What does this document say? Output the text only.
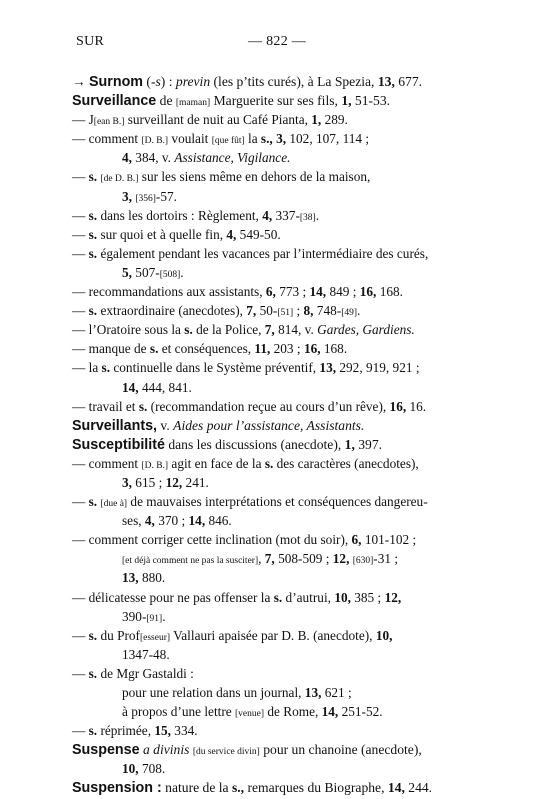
SUR	— 822 —
→ Surnom (-s) : previn (les p’tits curés), à La Spezia, 13, 677.
Surveillance de [maman] Marguerite sur ses fils, 1, 51-53.
— J[ean B.] surveillant de nuit au Café Pianta, 1, 289.
— comment [D. B.] voulait [que fût] la s., 3, 102, 107, 114 ;
4, 384, v. Assistance, Vigilance.
— s. [de D. B.] sur les siens même en dehors de la maison,
3, [356]-57.
— s. dans les dortoirs : Règlement, 4, 337-[38].
— s. sur quoi et à quelle fin, 4, 549-50.
— s. également pendant les vacances par l’intermédiaire des curés,
5, 507-[508].
— recommandations aux assistants, 6, 773 ; 14, 849 ; 16, 168.
— s. extraordinaire (anecdotes), 7, 50-[51] ; 8, 748-[49].
— l’Oratoire sous la s. de la Police, 7, 814, v. Gardes, Gardiens.
— manque de s. et conséquences, 11, 203 ; 16, 168.
— la s. continuelle dans le Système préventif, 13, 292, 919, 921 ;
14, 444, 841.
— travail et s. (recommandation reçue au cours d’un rêve), 16, 16.
Surveillants, v. Aides pour l’assistance, Assistants.
Susceptibilité dans les discussions (anecdote), 1, 397.
— comment [D. B.] agit en face de la s. des caractères (anecdotes),
3, 615 ; 12, 241.
— s. [due à] de mauvaises interprétations et conséquences dangereu-
ses, 4, 370 ; 14, 846.
— comment corriger cette inclination (mot du soir), 6, 101-102 ;
[et déjà comment ne pas la susciter], 7, 508-509 ; 12, [630]-31 ;
13, 880.
— délicatesse pour ne pas offenser la s. d’autrui, 10, 385 ; 12,
390-[91].
— s. du Prof[esseur] Vallauri apaisée par D. B. (anecdote), 10,
1347-48.
— s. de Mgr Gastaldi :
pour une relation dans un journal, 13, 621 ;
à propos d’une lettre [venue] de Rome, 14, 251-52.
— s. réprimée, 15, 334.
Suspense a divinis [du service divin] pour un chanoine (anecdote),
10, 708.
Suspension : nature de la s., remarques du Biographe, 14, 244.
